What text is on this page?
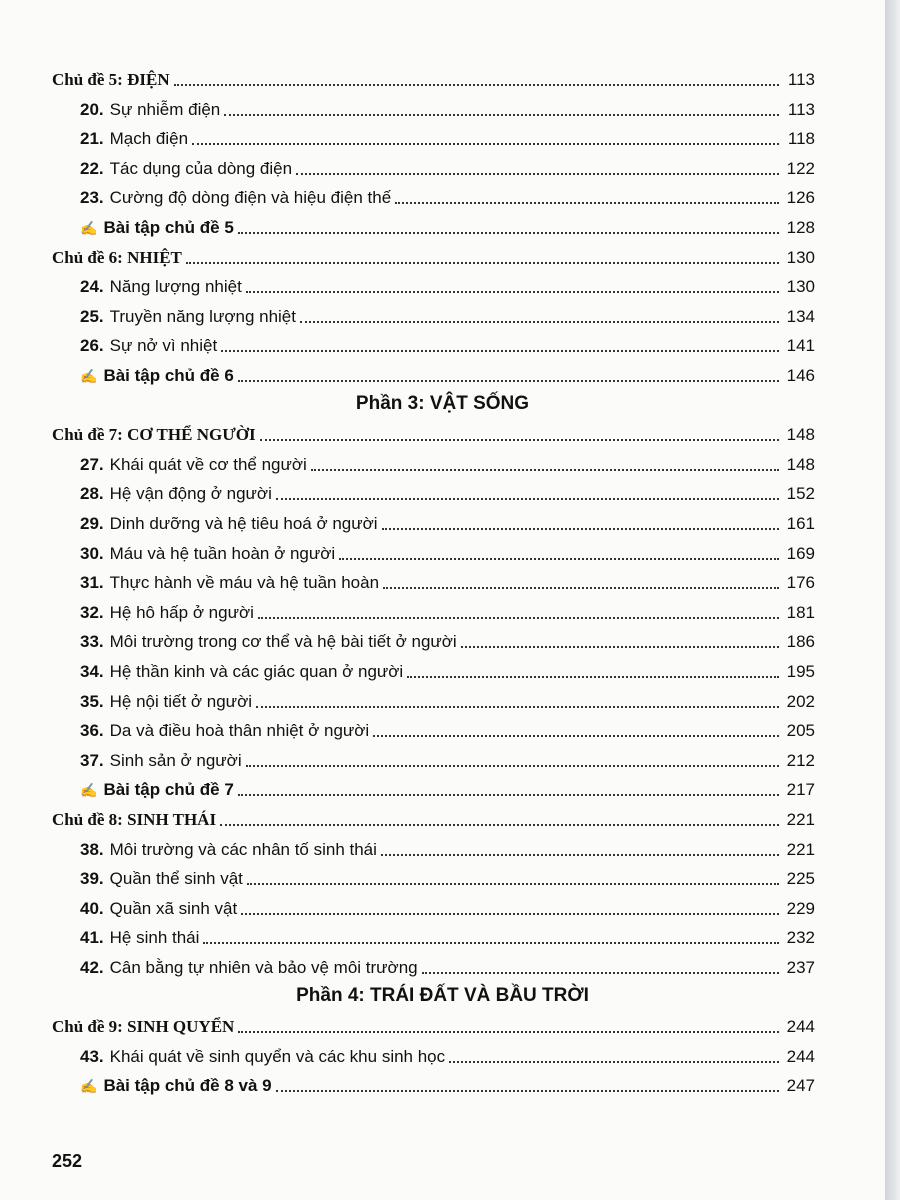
Chủ đề 5: ĐIỆN	113
20. Sự nhiễm điện	113
21. Mạch điện	118
22. Tác dụng của dòng điện	122
23. Cường độ dòng điện và hiệu điện thế	126
✍ Bài tập chủ đề 5	128
Chủ đề 6: NHIỆT	130
24. Năng lượng nhiệt	130
25. Truyền năng lượng nhiệt	134
26. Sự nở vì nhiệt	141
✍ Bài tập chủ đề 6	146
Phần 3: VẬT SỐNG
Chủ đề 7: CƠ THỂ NGƯỜI	148
27. Khái quát về cơ thể người	148
28. Hệ vận động ở người	152
29. Dinh dưỡng và hệ tiêu hoá ở người	161
30. Máu và hệ tuần hoàn ở người	169
31. Thực hành về máu và hệ tuần hoàn	176
32. Hệ hô hấp ở người	181
33. Môi trường trong cơ thể và hệ bài tiết ở người	186
34. Hệ thần kinh và các giác quan ở người	195
35. Hệ nội tiết ở người	202
36. Da và điều hoà thân nhiệt ở người	205
37. Sinh sản ở người	212
✍ Bài tập chủ đề 7	217
Chủ đề 8: SINH THÁI	221
38. Môi trường và các nhân tố sinh thái	221
39. Quần thể sinh vật	225
40. Quần xã sinh vật	229
41. Hệ sinh thái	232
42. Cân bằng tự nhiên và bảo vệ môi trường	237
Phần 4: TRÁI ĐẤT VÀ BẦU TRỜI
Chủ đề 9: SINH QUYỂN	244
43. Khái quát về sinh quyển và các khu sinh học	244
✍ Bài tập chủ đề 8 và 9	247
252
